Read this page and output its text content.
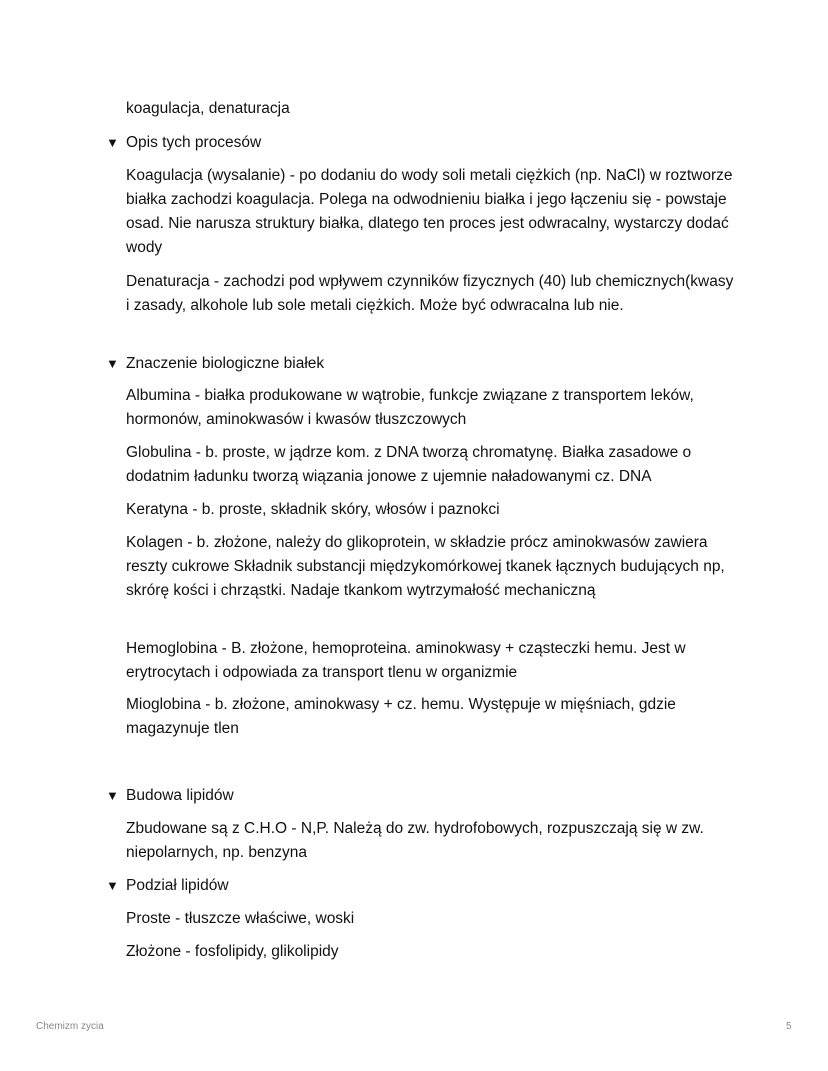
koagulacja, denaturacja
▼ Opis tych procesów

Koagulacja (wysalanie) - po dodaniu do wody soli metali ciężkich (np. NaCl) w roztworze białka zachodzi koagulacja. Polega na odwodnieniu białka i jego łączeniu się - powstaje osad. Nie narusza struktury białka, dlatego ten proces jest odwracalny, wystarczy dodać wody

Denaturacja - zachodzi pod wpływem czynników fizycznych (40) lub chemicznych(kwasy i zasady, alkohole lub sole metali ciężkich. Może być odwracalna lub nie.

▼ Znaczenie biologiczne białek

Albumina - białka produkowane w wątrobie, funkcje związane z transportem leków, hormonów, aminokwasów i kwasów tłuszczowych

Globulina - b. proste, w jądrze kom. z DNA tworzą chromatynę. Białka zasadowe o dodatnim ładunku tworzą wiązania jonowe z ujemnie naładowanymi cz. DNA

Keratyna - b. proste, składnik skóry, włosów i paznokci

Kolagen - b. złożone, należy do glikoprotein, w składzie prócz aminokwasów zawiera reszty cukrowe Składnik substancji międzykomórkowej tkanek łącznych budujących np, skrórę kości i chrząstki. Nadaje tkankom wytrzymałość mechaniczną

Hemoglobina - B. złożone, hemoproteina. aminokwasy + cząsteczki hemu. Jest w erytrocytach i odpowiada za transport tlenu w organizmie

Mioglobina - b. złożone, aminokwasy + cz. hemu. Występuje w mięśniach, gdzie magazynuje tlen

▼ Budowa lipidów

Zbudowane są z C.H.O - N,P. Należą do zw. hydrofobowych, rozpuszczają się w zw. niepolarnych, np. benzyna

▼ Podział lipidów

Proste - tłuszcze właściwe, woski

Złożone - fosfolipidy, glikolipidy

Chemizm zycia	5
